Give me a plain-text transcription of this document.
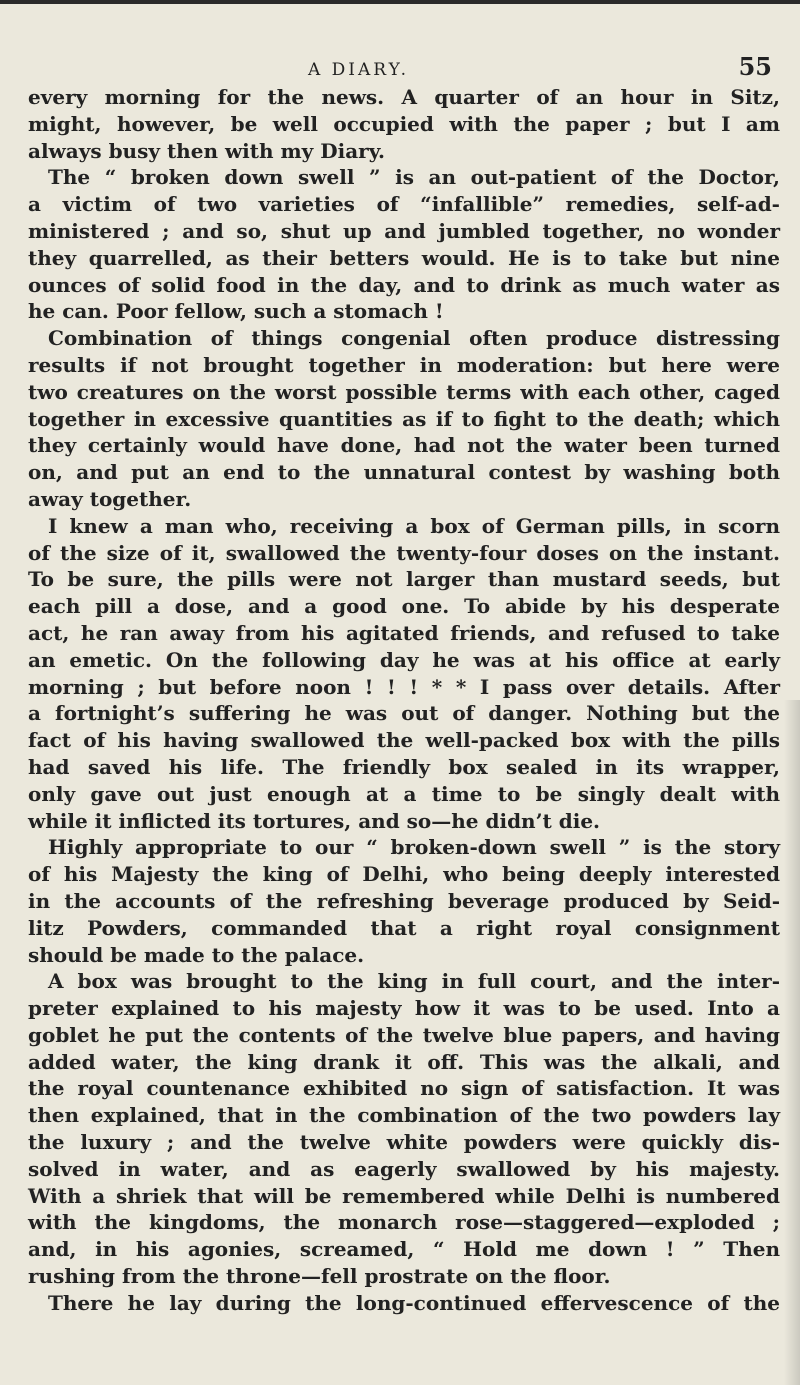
A DIARY.	55
every morning for the news. A quarter of an hour in Sitz,
might, however, be well occupied with the paper ; but I am
always busy then with my Diary.
The “ broken down swell ” is an out-patient of the Doctor,
a victim of two varieties of “infallible” remedies, self-ad-
ministered ; and so, shut up and jumbled together, no wonder
they quarrelled, as their betters would. He is to take but nine
ounces of solid food in the day, and to drink as much water as
he can. Poor fellow, such a stomach !
Combination of things congenial often produce distressing
results if not brought together in moderation: but here were
two creatures on the worst possible terms with each other, caged
together in excessive quantities as if to fight to the death; which
they certainly would have done, had not the water been turned
on, and put an end to the unnatural contest by washing both
away together.
I knew a man who, receiving a box of German pills, in scorn
of the size of it, swallowed the twenty-four doses on the instant.
To be sure, the pills were not larger than mustard seeds, but
each pill a dose, and a good one. To abide by his desperate
act, he ran away from his agitated friends, and refused to take
an emetic. On the following day he was at his office at early
morning ; but before noon ! ! ! * * I pass over details. After
a fortnight’s suffering he was out of danger. Nothing but the
fact of his having swallowed the well-packed box with the pills
had saved his life. The friendly box sealed in its wrapper,
only gave out just enough at a time to be singly dealt with
while it inflicted its tortures, and so—he didn’t die.
Highly appropriate to our “ broken-down swell ” is the story
of his Majesty the king of Delhi, who being deeply interested
in the accounts of the refreshing beverage produced by Seid-
litz Powders, commanded that a right royal consignment
should be made to the palace.
A box was brought to the king in full court, and the inter-
preter explained to his majesty how it was to be used. Into a
goblet he put the contents of the twelve blue papers, and having
added water, the king drank it off. This was the alkali, and
the royal countenance exhibited no sign of satisfaction. It was
then explained, that in the combination of the two powders lay
the luxury ; and the twelve white powders were quickly dis-
solved in water, and as eagerly swallowed by his majesty.
With a shriek that will be remembered while Delhi is numbered
with the kingdoms, the monarch rose—staggered—exploded ;
and, in his agonies, screamed, “ Hold me down ! ” Then
rushing from the throne—fell prostrate on the floor.
There he lay during the long-continued effervescence of the
